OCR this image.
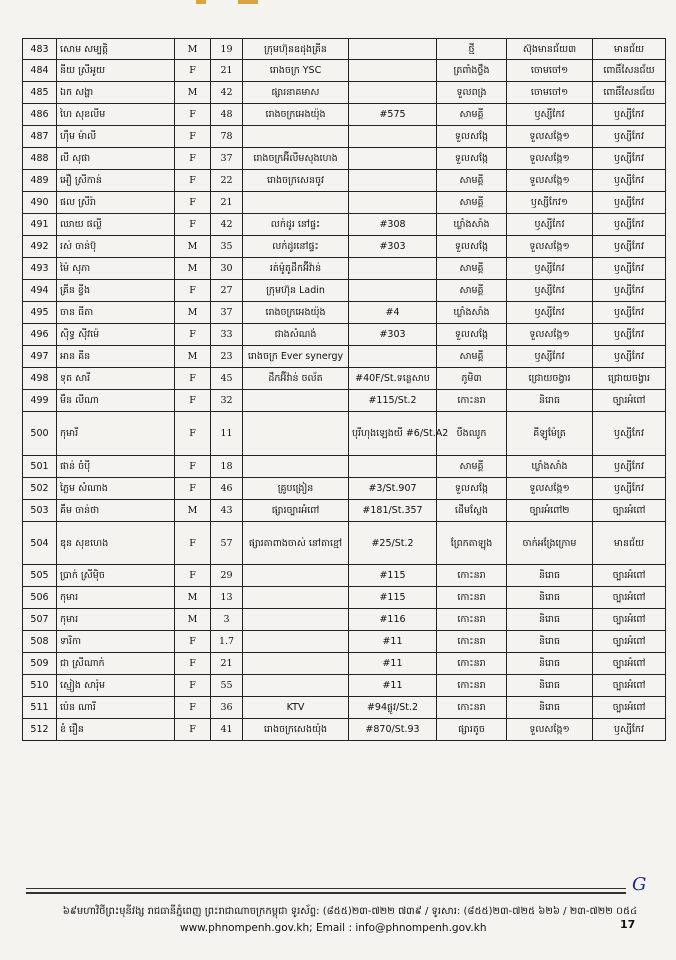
483	សោម សម្បត្តិ	M	19	ក្រុមហ៊ុនឧដុងគ្រីន		ថ្មី	ស៊ុង​មានជ័យ៣	មានជ័យ
484	នីយ ស្រីអូយ	F	21	រោងចក្រ YSC		ត្រពាំងថ្លឹង	ចោមចៅ១	ពោធិ៍សែនជ័យ
485	ឯក សង្ហា	M	42	ផ្សារនាគមាស		ទួលពង្រ	ចោមចៅ១	ពោធិ៍សែនជ័យ
486	ហៃ សុខលីម	F	48	រោងចក្រអេងយ៉ុង	#575	សាមគ្គី	ឫស្សីកែវ	ឫស្សីកែវ
487	ហ៊ឹម ម៉ាលី	F	78			ទួលសង្កែ	ទួលសង្កែ១	ឫស្សីកែវ
488	លី សុផា	F	37	រោងចក្រអ៊ីលីមសុងហេង		ទួលសង្កែ	ទួលសង្កែ១	ឫស្សីកែវ
489	អឿ ស្រីកាន់	F	22	រោងចក្រសេនចូវ		សាមគ្គី	ទួលសង្កែ១	ឫស្សីកែវ
490	ផល ស្រីរ៉ា	F	21			សាមគ្គី	ឫស្សីកែវ១	ឫស្សីកែវ
491	ឈាយ ផល្លី	F	42	លក់ដូរ នៅផ្ទះ	#308	ឃ្លាំងសាំង	ឫស្សីកែវ	ឫស្សីកែវ
492	រស់ ចាន់ប៊ុ	M	35	លក់ដូរនៅផ្ទះ	#303	ទួលសង្កែ	ទួលសង្កែ១	ឫស្សីកែវ
493	ម៉ៃ សុភា	M	30	រត់ម៉ូតូដឹកអ៊ីវ៉ាន់		សាមគ្គី	ឫស្សីកែវ	ឫស្សីកែវ
494	គ្រីន ខ្វីង	F	27	ក្រុមហ៊ុន Ladin		សាមគ្គី	ឫស្សីកែវ	ឫស្សីកែវ
495	ចាន ធីតា	M	37	រោងចក្រអេងយ៉ុង	#4	ឃ្លាំងសាំង	ឫស្សីកែវ	ឫស្សីកែវ
496	ស៊ិទ្ធ ស៊ីវម៉េ	F	33	ជាងសំណង់	#303	ទួលសង្កែ	ទួលសង្កែ១	ឫស្សីកែវ
497	អាន គីន	M	23	រោងចក្រ Ever synergy		សាមគ្គី	ឫស្សីកែវ	ឫស្សីកែវ
498	ទុត សារី	F	45	ដឹកអ៊ីវ៉ាន់ ចល័ត	#40F/St.ទន្លេសាប	ភូមិ៣	ជ្រោយចង្វារ	ជ្រោយចង្វារ
499	មឹន លីណា	F	32		#115/St.2	កោះនរា	និរោធ	ច្បារអំពៅ
500	កុមារី	F	11		បុរីហុងឡេងយី #6/St.A2	បឹងឈូក	គីឡូម៉ែត្រ	ឫស្សីកែវ
501	ផាន់ ចំប៉ី	F	18			សាមគ្គី	ឃ្លាំងសាំង	ឫស្សីកែវ
502	ភ្លៃម សំណាង	F	46	គ្រូបង្រៀន	#3/St.907	ទួលសង្កែ	ទួលសង្កែ១	ឫស្សីកែវ
503	គឹម ចាន់ថា	M	43	ផ្សារច្បារអំពៅ	#181/St.357	ដើមស្លែង	ច្បារអំពៅ២	ច្បារអំពៅ
504	ឌុន សុខហេង	F	57	ផ្សារតាពាងចាស់ នៅតាខ្មៅ	#25/St.2	ព្រែកតាឡុង	ចាក់អង្រែក្រោម	មានជ័យ
505	ប្រាក់ ស្រីម៉ិច	F	29		#115	កោះនរា	និរោធ	ច្បារអំពៅ
506	កុមារ	M	13		#115	កោះនរា	និរោធ	ច្បារអំពៅ
507	កុមារ	M	3		#116	កោះនរា	និរោធ	ច្បារអំពៅ
508	ទារិកា	F	1.7		#11	កោះនរា	និរោធ	ច្បារអំពៅ
509	ជា ស្រីណាក់	F	21		#11	កោះនរា	និរោធ	ច្បារអំពៅ
510	ស្មៀង សារ៉ុម	F	55		#11	កោះនរា	និរោធ	ច្បារអំពៅ
511	ប៉េន ណារី	F	36	KTV	#94ផ្លូវ/St.2	កោះនរា	និរោធ	ច្បារអំពៅ
512	ខំ រឿន	F	41	រោងចក្រសេងយ៉ុង	#870/St.93	ផ្សារតូច	ទួលសង្កែ១	ឫស្សីកែវ
G
៦៩មហាវិថីព្រះមុនីវង្ស រាជធានីភ្នំពេញ ព្រះរាជាណាចក្រកម្ពុជា ទូរស័ព្ទ: (៨៥៥)២៣-៧២២ ៧៣៩ / ទូរសារ: (៨៥៥)២៣-៧២៥ ៦២៦ / ២៣-៧២២ ០៥៤
www.phnompenh.gov.kh; Email : info@phnompenh.gov.kh	17
